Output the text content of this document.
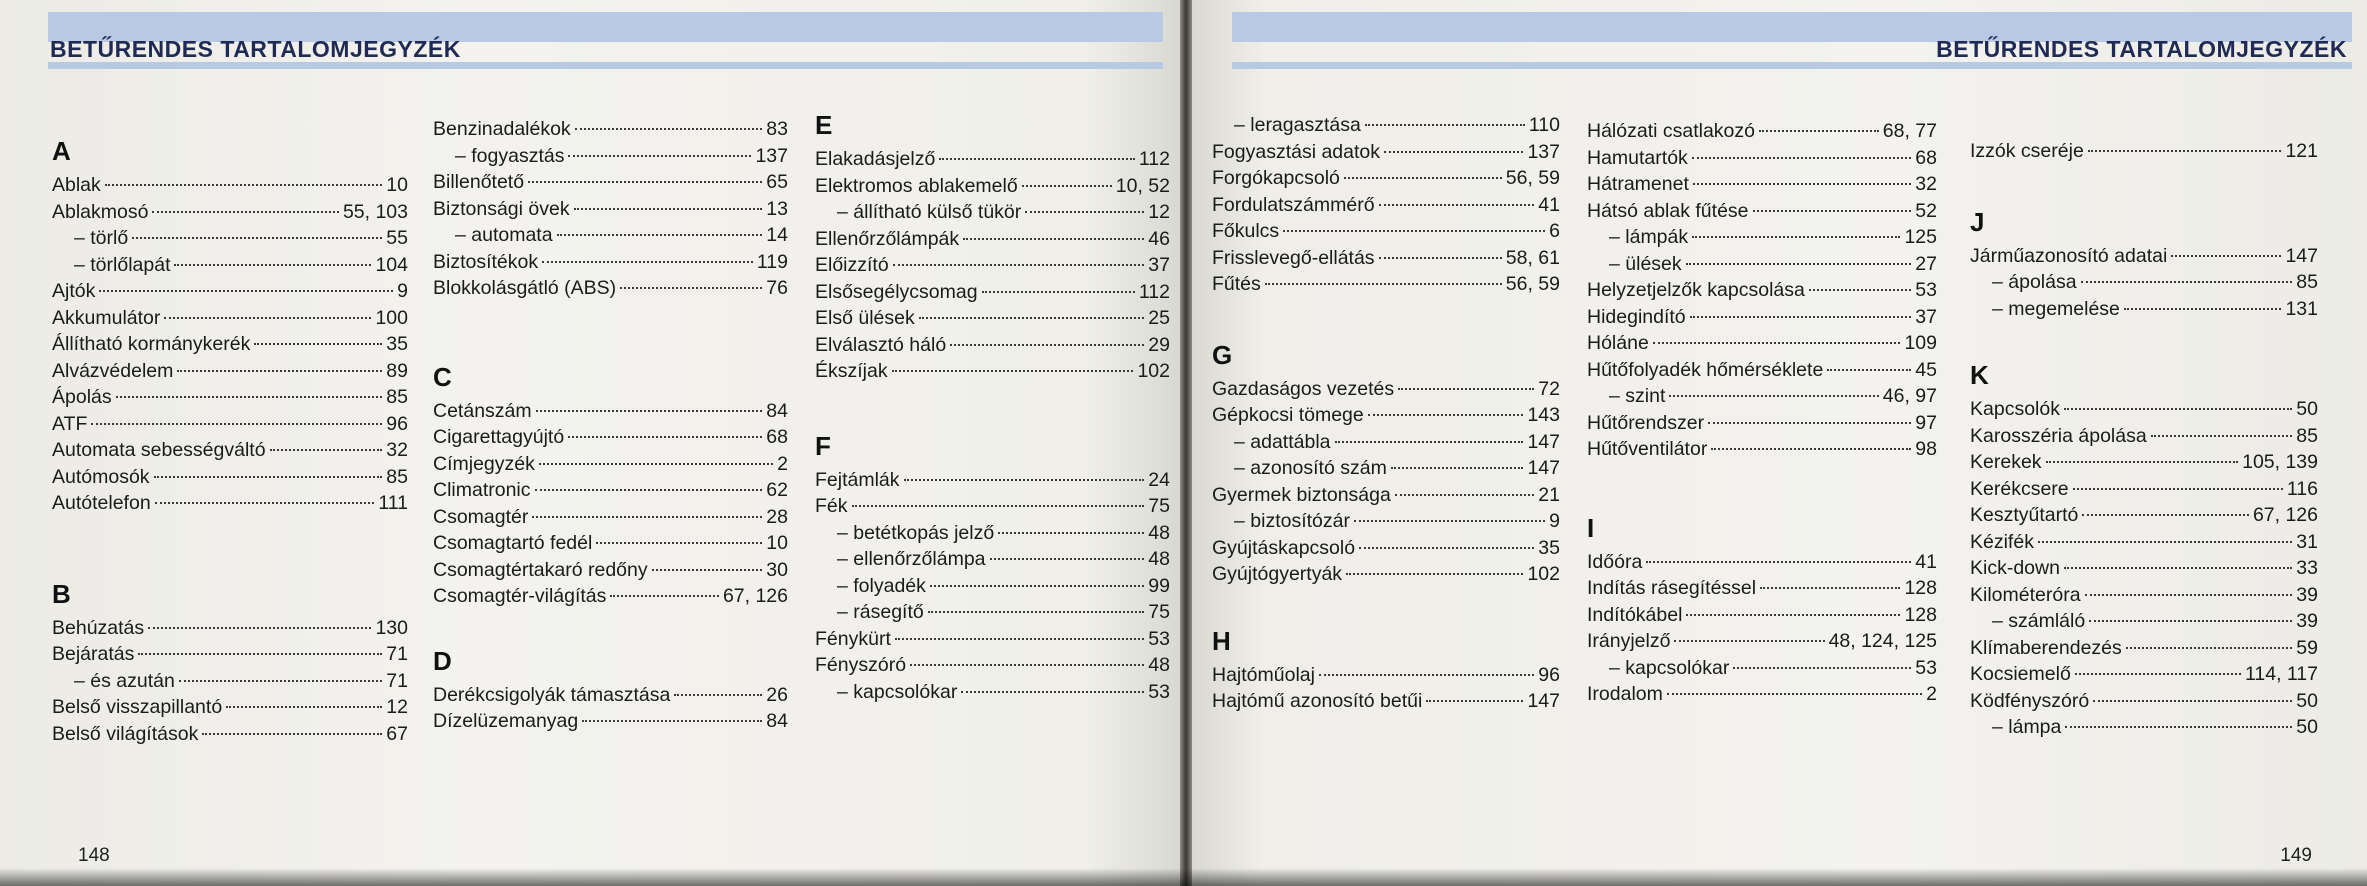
BETŰRENDES TARTALOMJEGYZÉK
148
A
Ablak	10
Ablakmosó	55, 103
– törlő	55
– törlőlapát	104
Ajtók	9
Akkumulátor	100
Állítható kormánykerék	35
Alvázvédelem	89
Ápolás	85
ATF	96
Automata sebességváltó	32
Autómosók	85
Autótelefon	111
B
Behúzatás	130
Bejáratás	71
– és azután	71
Belső visszapillantó	12
Belső világítások	67
Benzinadalékok	83
– fogyasztás	137
Billenőtető	65
Biztonsági övek	13
– automata	14
Biztosítékok	119
Blokkolásgátló (ABS)	76
C
Cetánszám	84
Cigarettagyújtó	68
Címjegyzék	2
Climatronic	62
Csomagtér	28
Csomagtartó fedél	10
Csomagtértakaró redőny	30
Csomagtér-világítás	67, 126
D
Derékcsigolyák támasztása	26
Dízelüzemanyag	84
E
Elakadásjelző	112
Elektromos ablakemelő	10, 52
– állítható külső tükör	12
Ellenőrzőlámpák	46
Előizzító	37
Elsősegélycsomag	112
Első ülések	25
Elválasztó háló	29
Ékszíjak	102
F
Fejtámlák	24
Fék	75
– betétkopás jelző	48
– ellenőrzőlámpa	48
– folyadék	99
– rásegítő	75
Fénykürt	53
Fényszóró	48
– kapcsolókar	53
BETŰRENDES TARTALOMJEGYZÉK
149
– leragasztása	110
Fogyasztási adatok	137
Forgókapcsoló	56, 59
Fordulatszámmérő	41
Főkulcs	6
Frisslevegő-ellátás	58, 61
Fűtés	56, 59
G
Gazdaságos vezetés	72
Gépkocsi tömege	143
– adattábla	147
– azonosító szám	147
Gyermek biztonsága	21
– biztosítózár	9
Gyújtáskapcsoló	35
Gyújtógyertyák	102
H
Hajtóműolaj	96
Hajtómű azonosító betűi	147
Hálózati csatlakozó	68, 77
Hamutartók	68
Hátramenet	32
Hátsó ablak fűtése	52
– lámpák	125
– ülések	27
Helyzetjelzők kapcsolása	53
Hidegindító	37
Hóláne	109
Hűtőfolyadék hőmérséklete	45
– szint	46, 97
Hűtőrendszer	97
Hűtőventilátor	98
I
Időóra	41
Indítás rásegítéssel	128
Indítókábel	128
Irányjelző	48, 124, 125
– kapcsolókar	53
Irodalom	2
Izzók cseréje	121
J
Járműazonosító adatai	147
– ápolása	85
– megemelése	131
K
Kapcsolók	50
Karosszéria ápolása	85
Kerekek	105, 139
Kerékcsere	116
Kesztyűtartó	67, 126
Kézifék	31
Kick-down	33
Kilométeróra	39
– számláló	39
Klímaberendezés	59
Kocsiemelő	114, 117
Ködfényszóró	50
– lámpa	50
